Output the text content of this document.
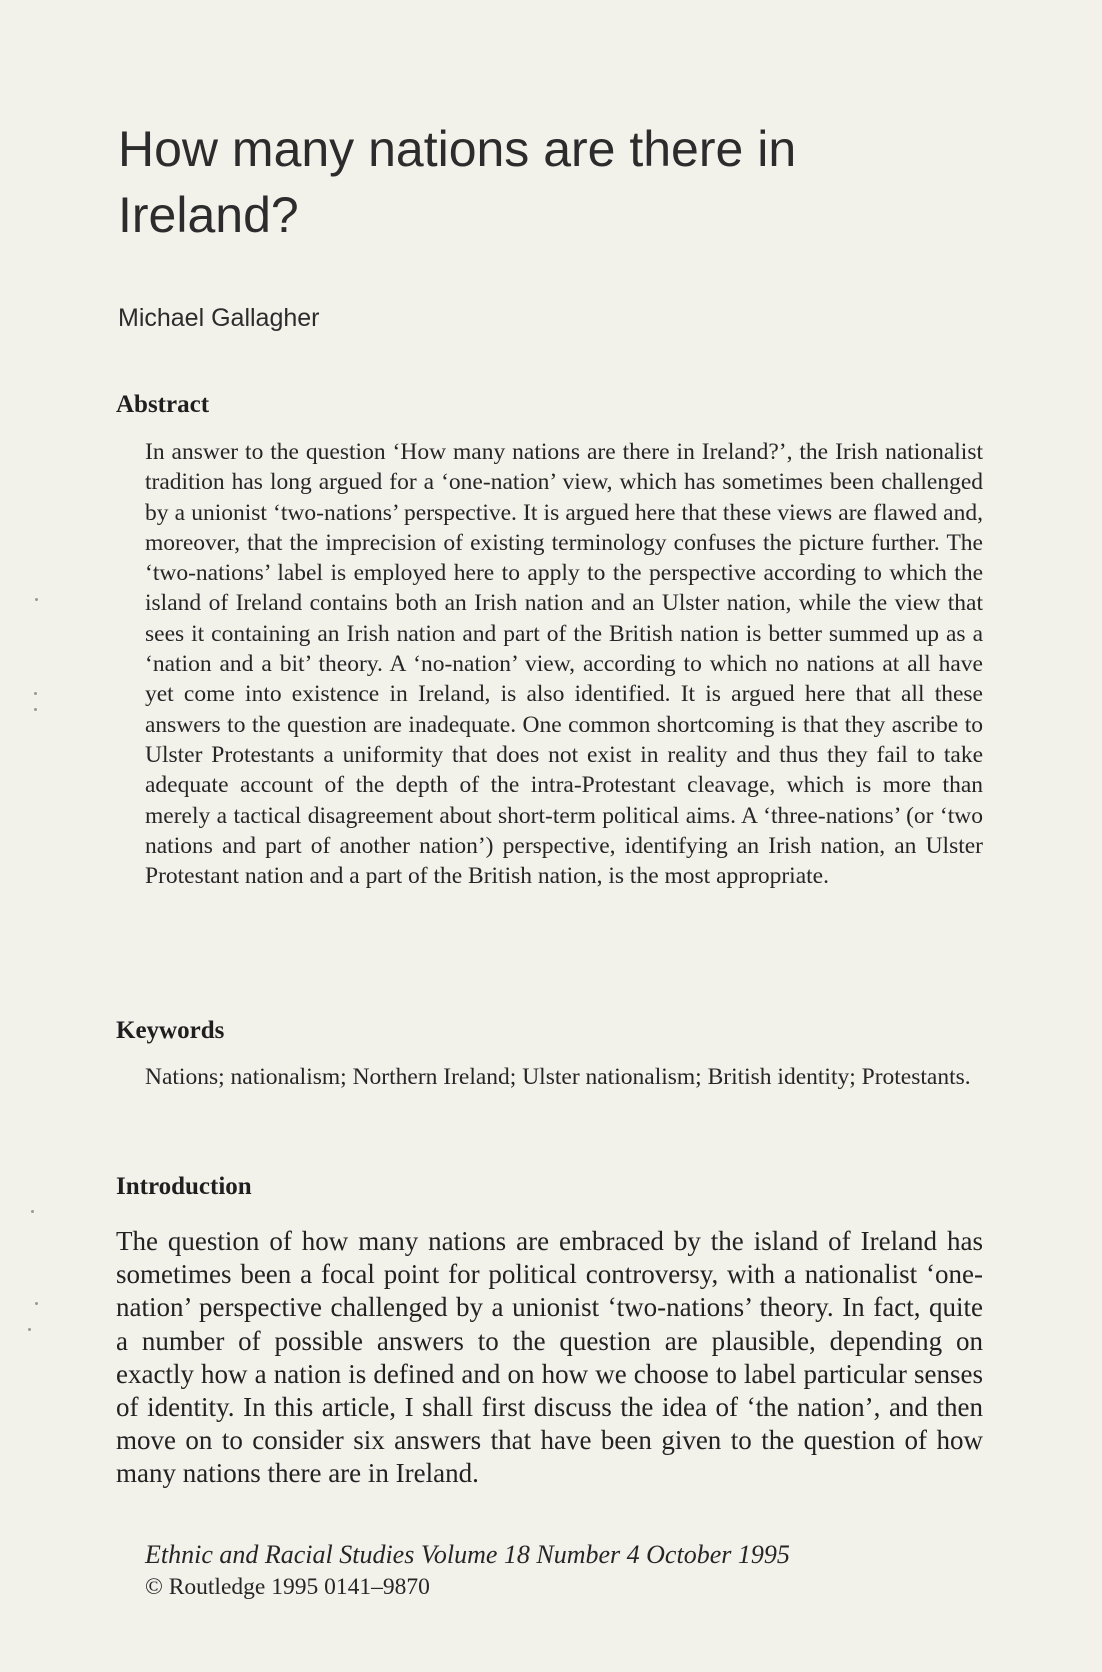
How many nations are there in Ireland?

Michael Gallagher

Abstract

In answer to the question ‘How many nations are there in Ireland?’, the Irish nationalist tradition has long argued for a ‘one-nation’ view, which has sometimes been challenged by a unionist ‘two-nations’ perspective. It is argued here that these views are flawed and, moreover, that the imprecision of existing terminology confuses the picture further. The ‘two-nations’ label is employed here to apply to the perspective according to which the island of Ireland contains both an Irish nation and an Ulster nation, while the view that sees it containing an Irish nation and part of the British nation is better summed up as a ‘nation and a bit’ theory. A ‘no-nation’ view, according to which no nations at all have yet come into existence in Ireland, is also identified. It is argued here that all these answers to the question are inadequate. One common shortcoming is that they ascribe to Ulster Protestants a uniformity that does not exist in reality and thus they fail to take adequate account of the depth of the intra-Protestant cleavage, which is more than merely a tactical disagreement about short-term political aims. A ‘three-nations’ (or ‘two nations and part of another nation’) perspective, identifying an Irish nation, an Ulster Protestant nation and a part of the British nation, is the most appropriate.

Keywords

Nations; nationalism; Northern Ireland; Ulster nationalism; British identity; Protestants.

Introduction

The question of how many nations are embraced by the island of Ireland has sometimes been a focal point for political controversy, with a nationalist ‘one-nation’ perspective challenged by a unionist ‘two-nations’ theory. In fact, quite a number of possible answers to the question are plausible, depending on exactly how a nation is defined and on how we choose to label particular senses of identity. In this article, I shall first discuss the idea of ‘the nation’, and then move on to consider six answers that have been given to the question of how many nations there are in Ireland.

Ethnic and Racial Studies Volume 18 Number 4 October 1995

© Routledge 1995 0141–9870
